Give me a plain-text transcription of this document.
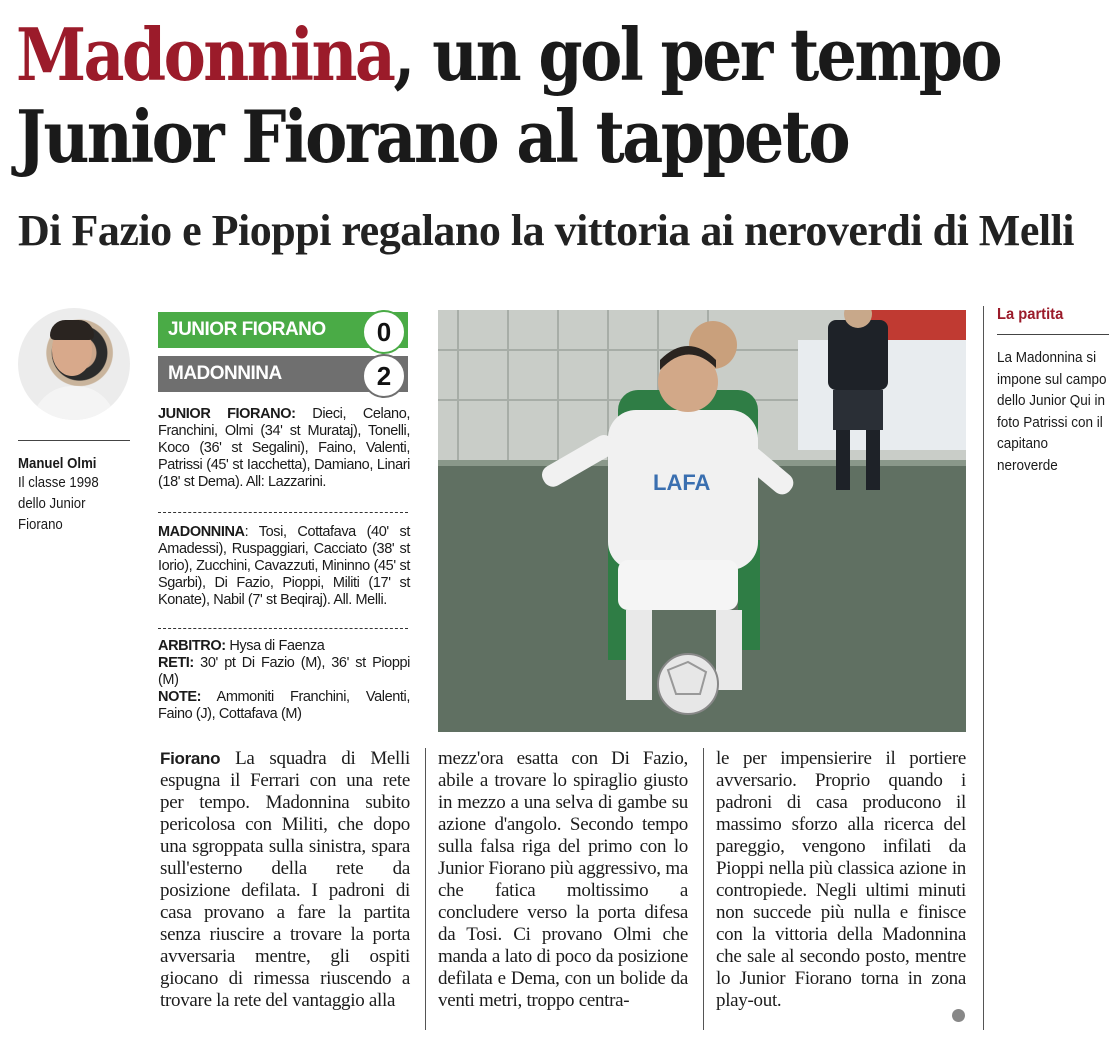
Madonnina, un gol per tempo
Junior Fiorano al tappeto
Di Fazio e Pioppi regalano la vittoria ai neroverdi di Melli
Manuel Olmi
Il classe 1998 dello Junior Fiorano
JUNIOR FIORANO	0
MADONNINA	2
JUNIOR FIORANO: Dieci, Celano, Franchini, Olmi (34' st Murataj), Tonelli, Koco (36' st Segalini), Faino, Valenti, Patrissi (45' st Iacchetta), Damiano, Linari (18' st Dema). All: Lazzarini.
MADONNINA: Tosi, Cottafava (40' st Amadessi), Ruspaggiari, Cacciato (38' st Iorio), Zucchini, Cavazzuti, Mininno (45' st Sgarbi), Di Fazio, Pioppi, Militi (17' st Konate), Nabil (7' st Beqiraj). All. Melli.
ARBITRO: Hysa di Faenza
RETI: 30' pt Di Fazio (M), 36' st Pioppi (M)
NOTE: Ammoniti Franchini, Valenti, Faino (J), Cottafava (M)
LAFA
La partita
La Madonnina si impone sul campo dello Junior Qui in foto Patrissi con il capitano neroverde
Fiorano La squadra di Melli espugna il Ferrari con una rete per tempo. Madonnina subito pericolosa con Militi, che dopo una sgroppata sulla sinistra, spara sull'esterno della rete da posizione defilata. I padroni di casa provano a fare la partita senza riuscire a trovare la porta avversaria mentre, gli ospiti giocano di rimessa riuscendo a trovare la rete del vantaggio alla
mezz'ora esatta con Di Fazio, abile a trovare lo spiraglio giusto in mezzo a una selva di gambe su azione d'angolo. Secondo tempo sulla falsa riga del primo con lo Junior Fiorano più aggressivo, ma che fatica moltissimo a concludere verso la porta difesa da Tosi. Ci provano Olmi che manda a lato di poco da posizione defilata e Dema, con un bolide da venti metri, troppo centra-
le per impensierire il portiere avversario. Proprio quando i padroni di casa producono il massimo sforzo alla ricerca del pareggio, vengono infilati da Pioppi nella più classica azione in contropiede. Negli ultimi minuti non succede più nulla e finisce con la vittoria della Madonnina che sale al secondo posto, mentre lo Junior Fiorano torna in zona play-out.
